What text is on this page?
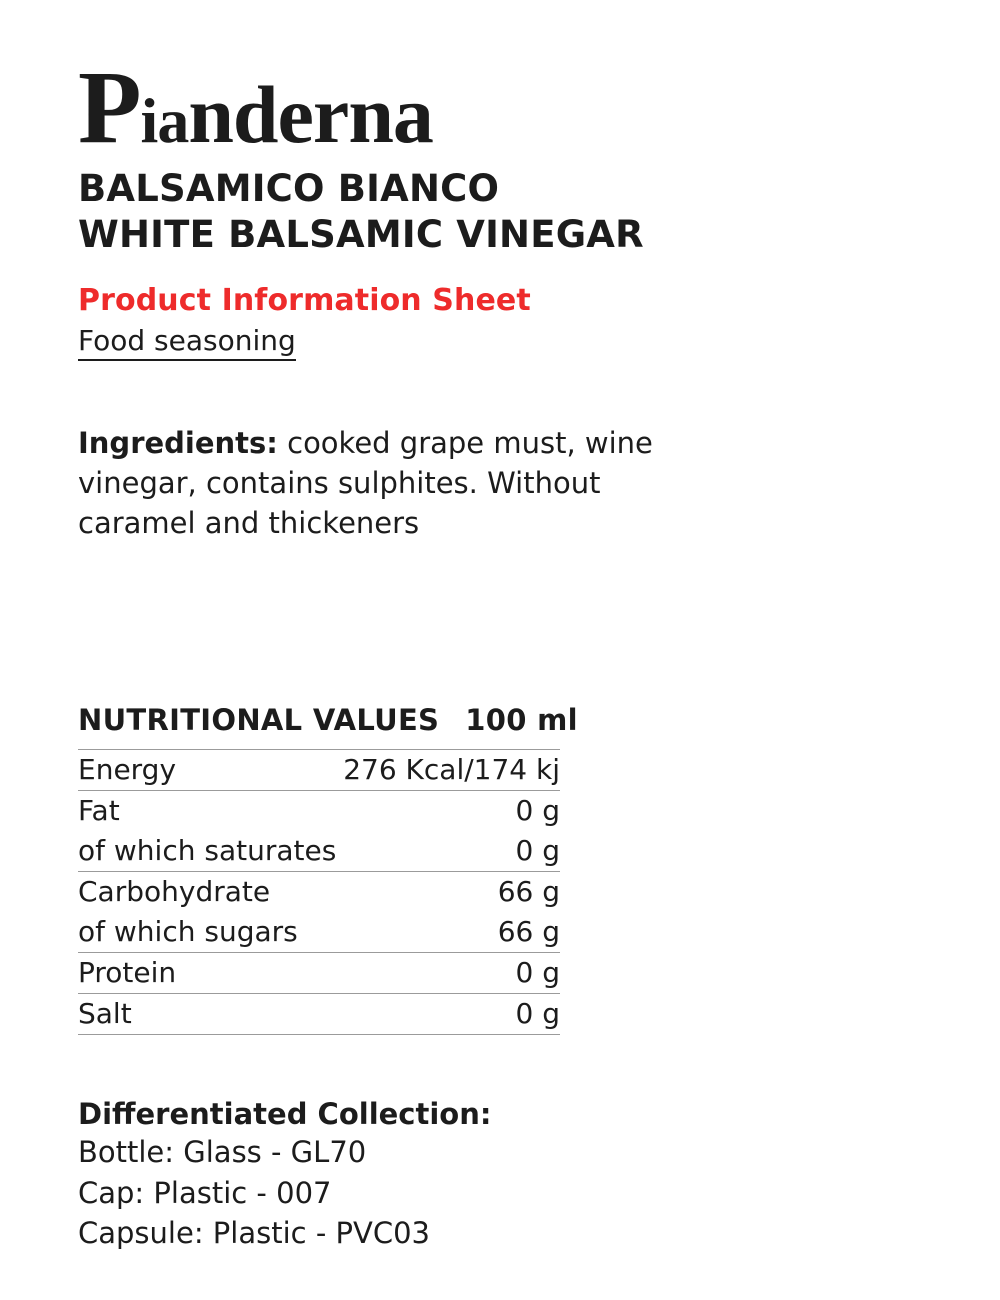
Pianderna
BALSAMICO BIANCO
WHITE BALSAMIC VINEGAR
Product Information Sheet
Food seasoning
Ingredients: cooked grape must, wine vinegar, contains sulphites. Without caramel and thickeners
NUTRITIONAL VALUES 100 ml
Energy	276 Kcal/174 kj
Fat	0 g
of which saturates	0 g
Carbohydrate	66 g
of which sugars	66 g
Protein	0 g
Salt	0 g
Differentiated Collection:
Bottle: Glass - GL70
Cap: Plastic - 007
Capsule: Plastic - PVC03
